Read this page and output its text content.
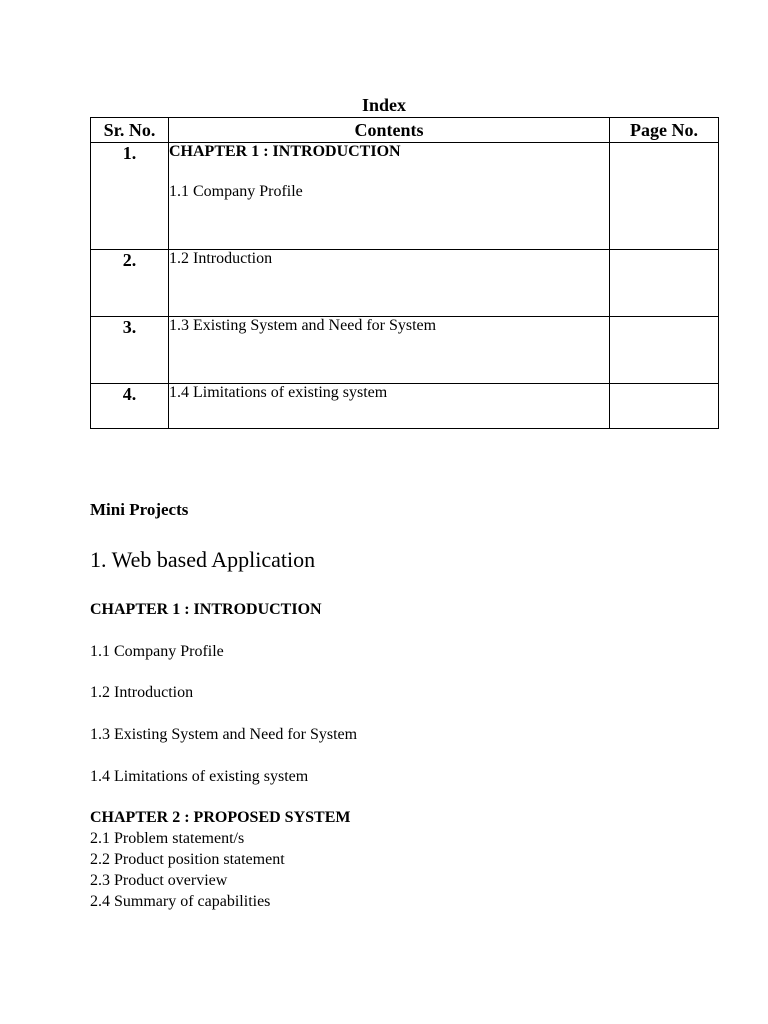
Index
Sr. No.	Contents	Page No.
1.	CHAPTER 1 : INTRODUCTION
1.1 Company Profile	

2.	1.2 Introduction	

3.	1.3 Existing System and Need for System	

4.	1.4 Limitations of existing system	

Mini Projects
1. Web based Application
CHAPTER 1 : INTRODUCTION
1.1 Company Profile
1.2 Introduction
1.3 Existing System and Need for System
1.4 Limitations of existing system
CHAPTER 2 : PROPOSED SYSTEM
2.1 Problem statement/s
2.2 Product position statement
2.3 Product overview
2.4 Summary of capabilities
